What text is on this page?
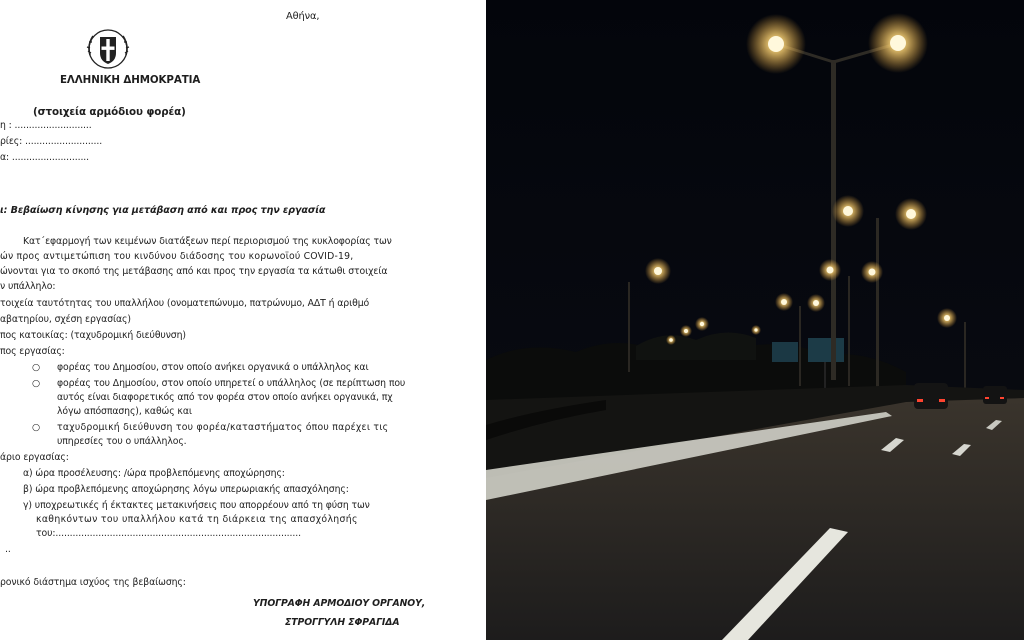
Αθήνα,
ΕΛΛΗΝΙΚΗ ΔΗΜΟΚΡΑΤΙΑ
(στοιχεία αρμόδιου φορέα)
η : ...........................
ρίες: ...........................
α: ...........................
ι: Βεβαίωση κίνησης για μετάβαση από και προς την εργασία
Κατ΄εφαρμογή των κειμένων διατάξεων περί περιορισμού της κυκλοφορίας των
ών προς αντιμετώπιση του κινδύνου διάδοσης του κορωνοϊού COVID-19,
ώνονται για το σκοπό της μετάβασης από και προς την εργασία τα κάτωθι στοιχεία
ν υπάλληλο:
τοιχεία ταυτότητας του υπαλλήλου (ονοματεπώνυμο, πατρώνυμο, ΑΔΤ ή αριθμό
αβατηρίου, σχέση εργασίας)
πος κατοικίας: (ταχυδρομική διεύθυνση)
πος εργασίας:
○ φορέας του Δημοσίου, στον οποίο ανήκει οργανικά ο υπάλληλος και
○ φορέας του Δημοσίου, στον οποίο υπηρετεί ο υπάλληλος (σε περίπτωση που
αυτός είναι διαφορετικός από τον φορέα στον οποίο ανήκει οργανικά, πχ
λόγω απόσπασης), καθώς και
○ ταχυδρομική διεύθυνση του φορέα/καταστήματος όπου παρέχει τις
υπηρεσίες του ο υπάλληλος.
άριο εργασίας:
α) ώρα προσέλευσης: /ώρα προβλεπόμενης αποχώρησης:
β) ώρα προβλεπόμενης αποχώρησης λόγω υπερωριακής απασχόλησης:
γ) υποχρεωτικές ή έκτακτες μετακινήσεις που απορρέουν από τη φύση των
καθηκόντων του υπαλλήλου κατά τη διάρκεια της απασχόλησής
του:......................................................................................
..
ρονικό διάστημα ισχύος της βεβαίωσης:
ΥΠΟΓΡΑΦΗ ΑΡΜΟΔΙΟΥ ΟΡΓΑΝΟΥ,
ΣΤΡΟΓΓΥΛΗ ΣΦΡΑΓΙΔΑ
